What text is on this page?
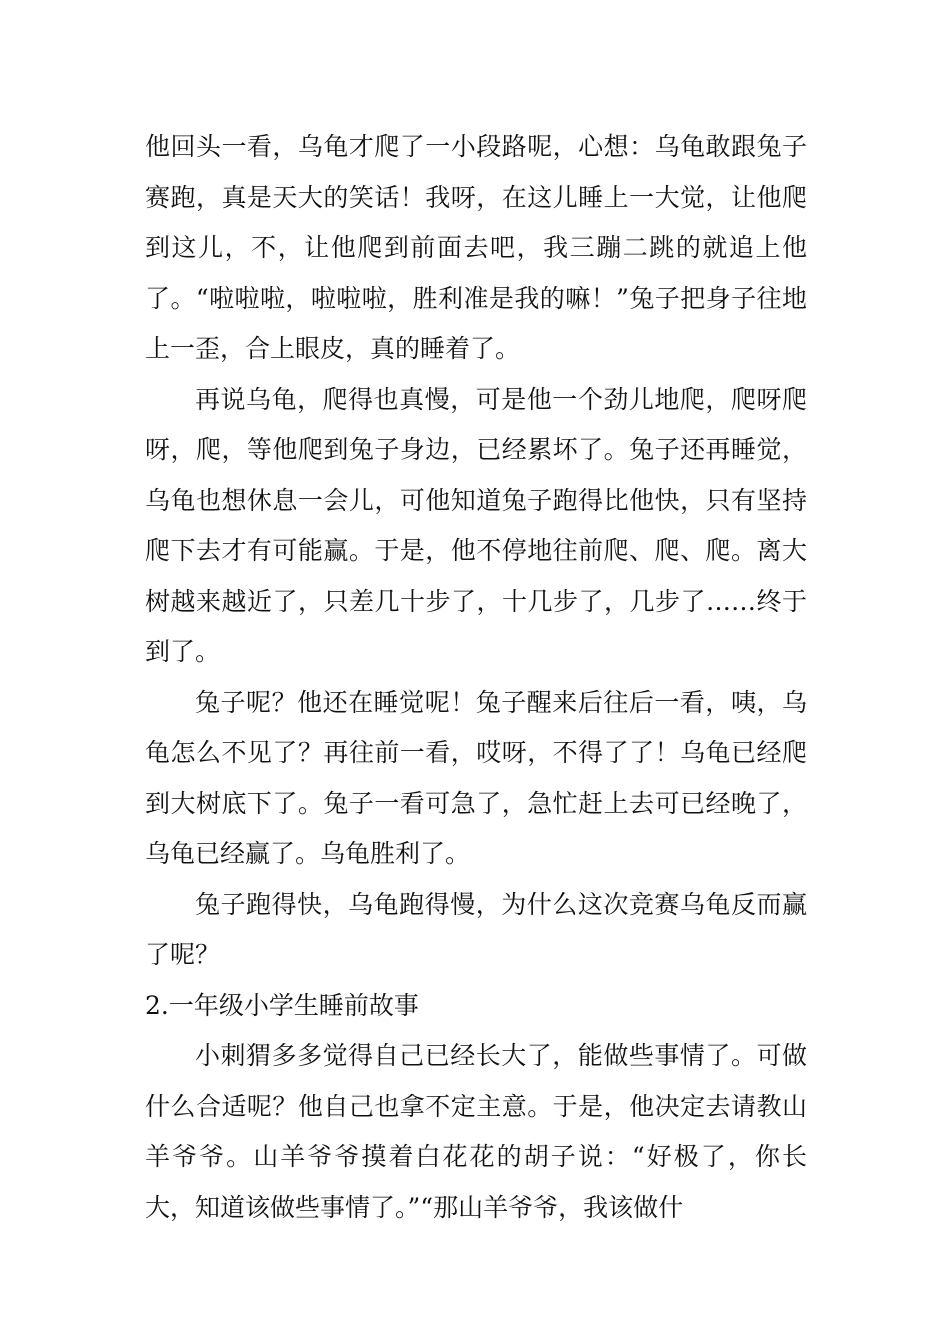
他回头一看，乌龟才爬了一小段路呢，心想：乌龟敢跟兔子赛跑，真是天大的笑话！我呀，在这儿睡上一大觉，让他爬到这儿，不，让他爬到前面去吧，我三蹦二跳的就追上他了。“啦啦啦，啦啦啦，胜利准是我的嘛！”兔子把身子往地上一歪，合上眼皮，真的睡着了。

再说乌龟，爬得也真慢，可是他一个劲儿地爬，爬呀爬呀，爬，等他爬到兔子身边，已经累坏了。兔子还再睡觉，乌龟也想休息一会儿，可他知道兔子跑得比他快，只有坚持爬下去才有可能赢。于是，他不停地往前爬、爬、爬。离大树越来越近了，只差几十步了，十几步了，几步了……终于到了。

兔子呢？他还在睡觉呢！兔子醒来后往后一看，咦，乌龟怎么不见了？再往前一看，哎呀，不得了了！乌龟已经爬到大树底下了。兔子一看可急了，急忙赶上去可已经晚了，乌龟已经赢了。乌龟胜利了。

兔子跑得快，乌龟跑得慢，为什么这次竞赛乌龟反而赢了呢？

2.一年级小学生睡前故事

小刺猬多多觉得自己已经长大了，能做些事情了。可做什么合适呢？他自己也拿不定主意。于是，他决定去请教山羊爷爷。山羊爷爷摸着白花花的胡子说：“好极了，你长大，知道该做些事情了。”“那山羊爷爷，我该做什
